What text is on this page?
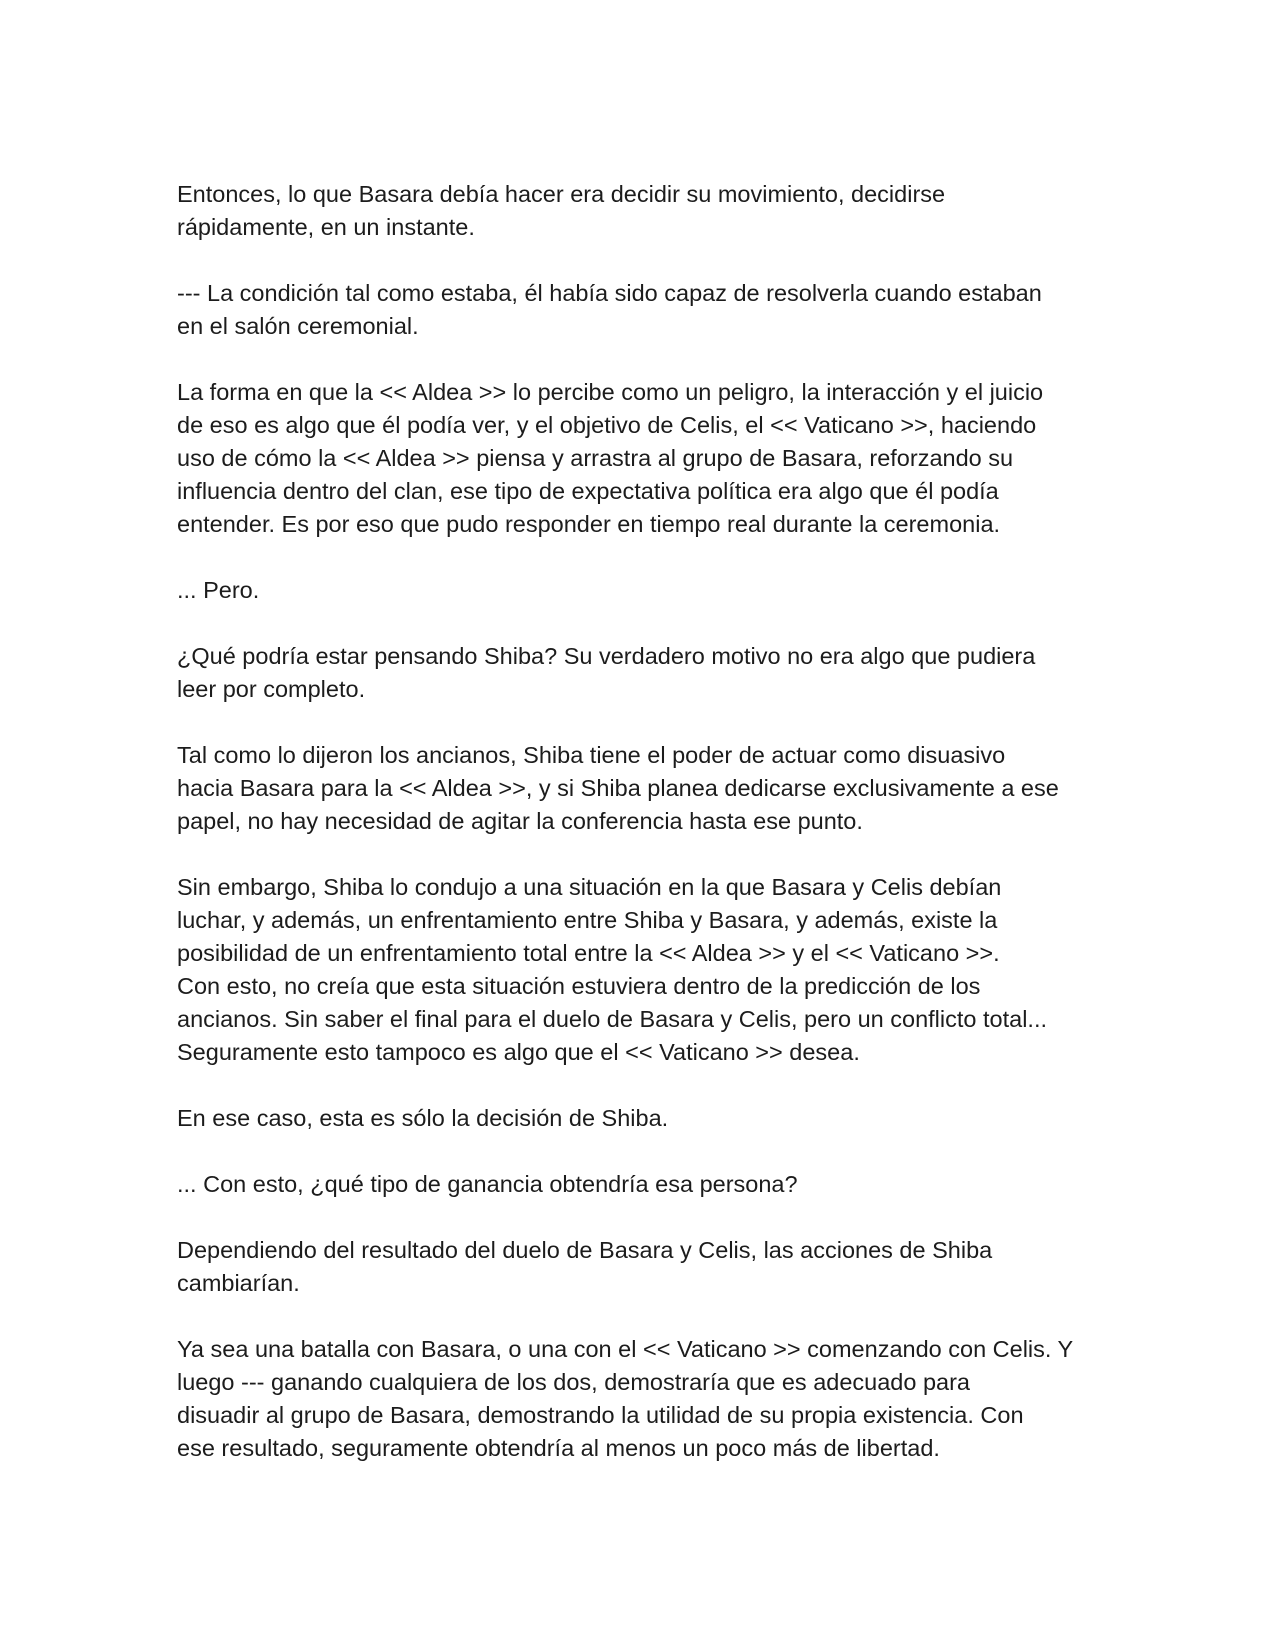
Entonces, lo que Basara debía hacer era decidir su movimiento, decidirse
rápidamente, en un instante.

--- La condición tal como estaba, él había sido capaz de resolverla cuando estaban
en el salón ceremonial.

La forma en que la << Aldea >> lo percibe como un peligro, la interacción y el juicio
de eso es algo que él podía ver, y el objetivo de Celis, el << Vaticano >>, haciendo
uso de cómo la << Aldea >> piensa y arrastra al grupo de Basara, reforzando su
influencia dentro del clan, ese tipo de expectativa política era algo que él podía
entender. Es por eso que pudo responder en tiempo real durante la ceremonia.

... Pero.

¿Qué podría estar pensando Shiba? Su verdadero motivo no era algo que pudiera
leer por completo.

Tal como lo dijeron los ancianos, Shiba tiene el poder de actuar como disuasivo
hacia Basara para la << Aldea >>, y si Shiba planea dedicarse exclusivamente a ese
papel, no hay necesidad de agitar la conferencia hasta ese punto.

Sin embargo, Shiba lo condujo a una situación en la que Basara y Celis debían
luchar, y además, un enfrentamiento entre Shiba y Basara, y además, existe la
posibilidad de un enfrentamiento total entre la << Aldea >> y el << Vaticano >>.
Con esto, no creía que esta situación estuviera dentro de la predicción de los
ancianos. Sin saber el final para el duelo de Basara y Celis, pero un conflicto total...
Seguramente esto tampoco es algo que el << Vaticano >> desea.

En ese caso, esta es sólo la decisión de Shiba.

... Con esto, ¿qué tipo de ganancia obtendría esa persona?

Dependiendo del resultado del duelo de Basara y Celis, las acciones de Shiba
cambiarían.

Ya sea una batalla con Basara, o una con el << Vaticano >> comenzando con Celis. Y
luego --- ganando cualquiera de los dos, demostraría que es adecuado para
disuadir al grupo de Basara, demostrando la utilidad de su propia existencia. Con
ese resultado, seguramente obtendría al menos un poco más de libertad.
